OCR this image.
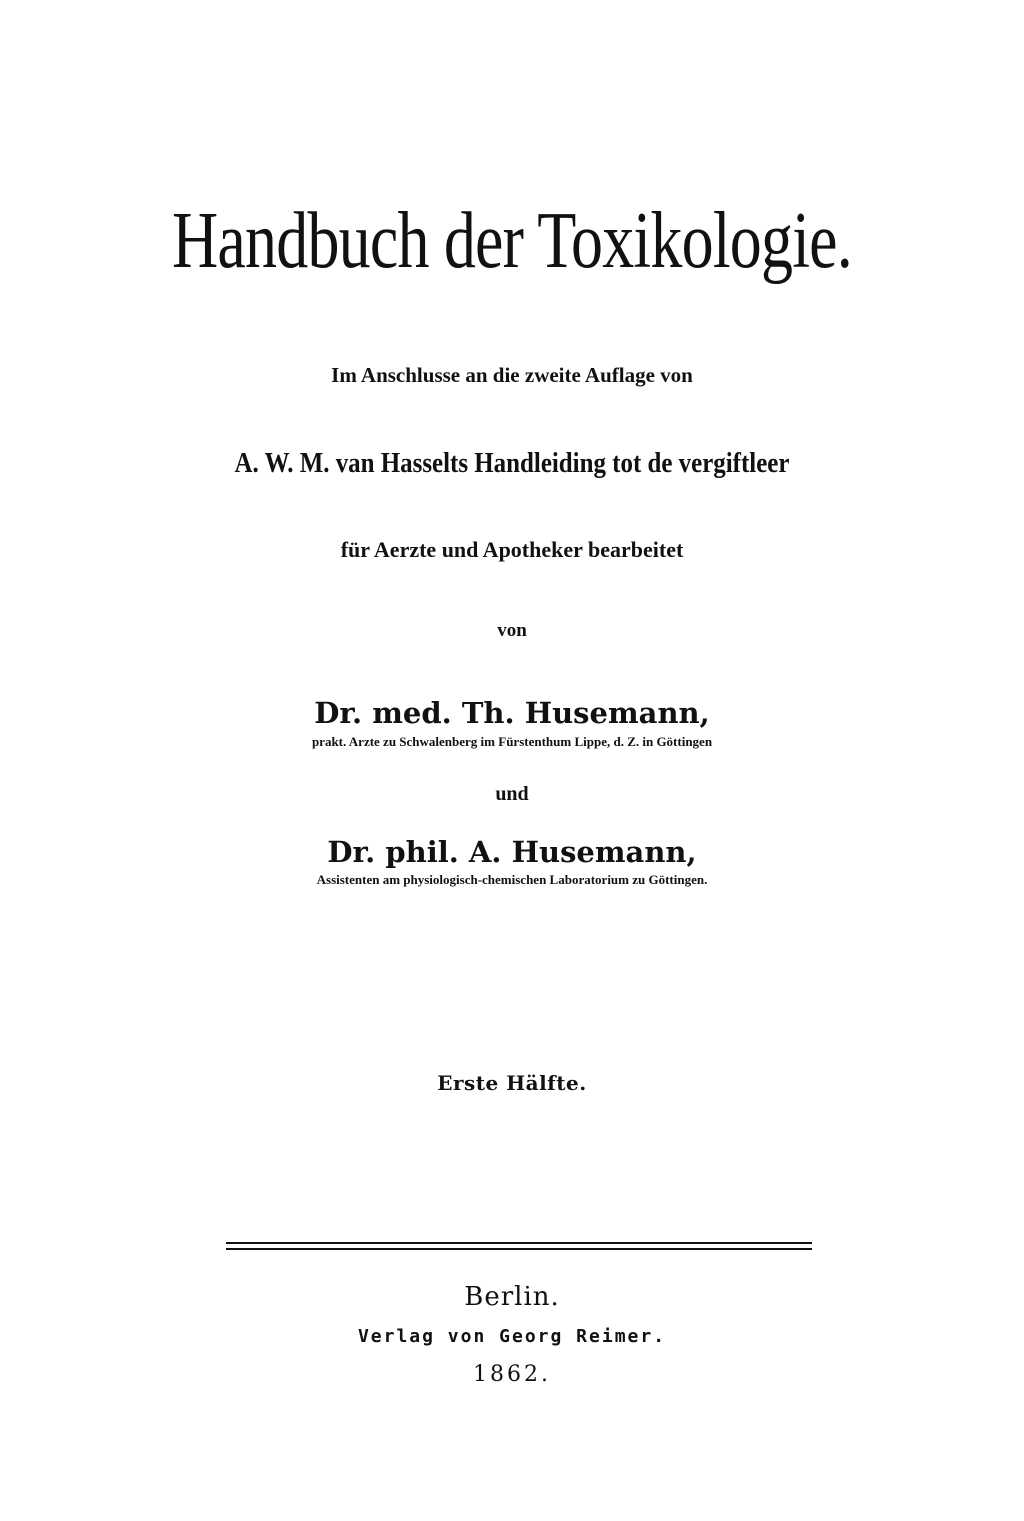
Handbuch der Toxikologie.

Im Anschlusse an die zweite Auflage von

A. W. M. van Hasselts Handleiding tot de vergiftleer

für Aerzte und Apotheker bearbeitet

von

Dr. med. Th. Husemann,

prakt. Arzte zu Schwalenberg im Fürstenthum Lippe, d. Z. in Göttingen

und

Dr. phil. A. Husemann,

Assistenten am physiologisch-chemischen Laboratorium zu Göttingen.

Erste Hälfte.

Berlin.

Verlag von Georg Reimer.

1862.
